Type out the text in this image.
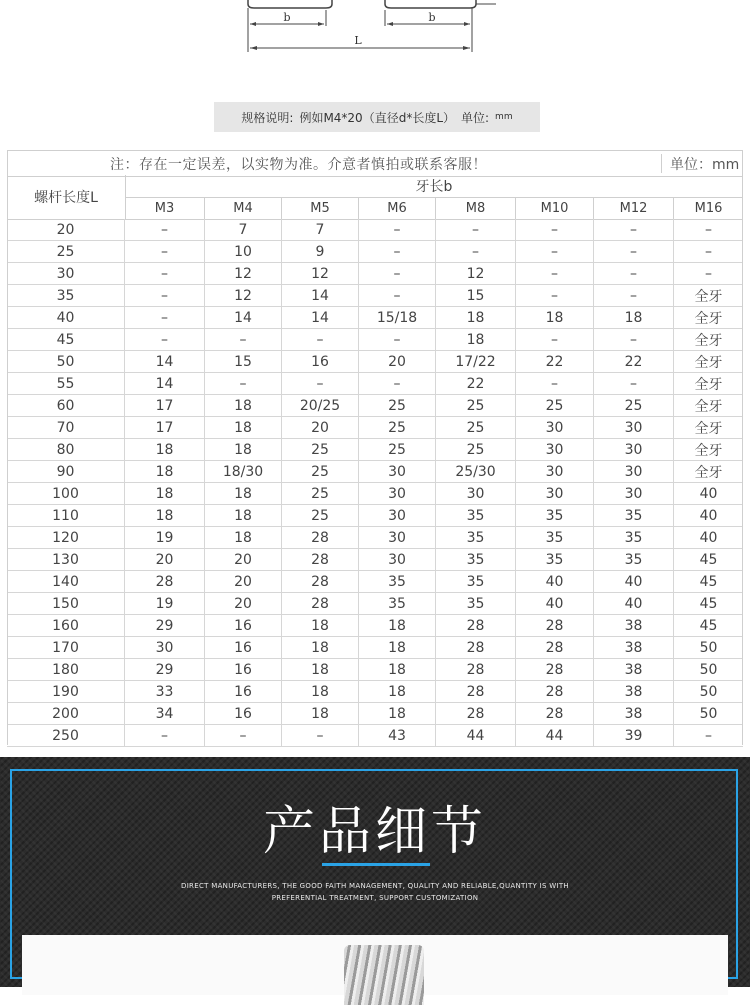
b	b
L
规格说明: 例如M4*20（直径d*长度L） 单位: mm
注：存在一定误差，以实物为准。介意者慎拍或联系客服！	单位：mm
螺杆长度L
牙长b
M3	M4	M5	M6	M8	M10	M12	M16
20	–	7	7	–	–	–	–	–
25	–	10	9	–	–	–	–	–
30	–	12	12	–	12	–	–	–
35	–	12	14	–	15	–	–	全牙
40	–	14	14	15/18	18	18	18	全牙
45	–	–	–	–	18	–	–	全牙
50	14	15	16	20	17/22	22	22	全牙
55	14	–	–	–	22	–	–	全牙
60	17	18	20/25	25	25	25	25	全牙
70	17	18	20	25	25	30	30	全牙
80	18	18	25	25	25	30	30	全牙
90	18	18/30	25	30	25/30	30	30	全牙
100	18	18	25	30	30	30	30	40
110	18	18	25	30	35	35	35	40
120	19	18	28	30	35	35	35	40
130	20	20	28	30	35	35	35	45
140	28	20	28	35	35	40	40	45
150	19	20	28	35	35	40	40	45
160	29	16	18	18	28	28	38	45
170	30	16	18	18	28	28	38	50
180	29	16	18	18	28	28	38	50
190	33	16	18	18	28	28	38	50
200	34	16	18	18	28	28	38	50
250	–	–	–	43	44	44	39	–
产品细节
DIRECT MANUFACTURERS, THE GOOD FAITH MANAGEMENT, QUALITY AND RELIABLE,QUANTITY IS WITH
PREFERENTIAL TREATMENT, SUPPORT CUSTOMIZATION
